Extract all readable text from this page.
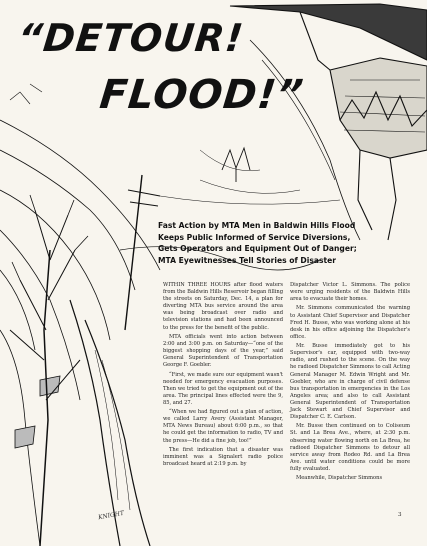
“DETOUR!
FLOOD!”
Fast Action by MTA Men in Baldwin Hills Flood
Keeps Public Informed of Service Diversions,
Gets Operators and Equipment Out of Danger;
MTA Eyewitnesses Tell Stories of Disaster

WITHIN THREE HOURS after flood waters from the Baldwin Hills Reservoir began filling the streets on Saturday, Dec. 14, a plan for diverting MTA bus service around the area was being broadcast over radio and television stations and had been announced to the press for the benefit of the public.

MTA officials went into action between 2:00 and 3:00 p.m. on Saturday—“one of the biggest shopping days of the year,” said General Superintendent of Transportation George F. Goebler.

“First, we made sure our equipment wasn't needed for emergency evacuation purposes. Then we tried to get the equipment out of the area. The principal lines effected were the 9, 85, and 27.

“When we had figured out a plan of action, we called Larry Avery (Assistant Manager, MTA News Bureau) about 6:00 p.m., so that he could get the information to radio, TV and the press—He did a fine job, too!”

The first indication that a disaster was imminent was a Signalert radio police broadcast heard at 2:19 p.m. by

Dispatcher Victor L. Simmons. The police were urging residents of the Baldwin Hills area to evacuate their homes.

Mr. Simmons communicated the warning to Assistant Chief Supervisor and Dispatcher Fred H. Busse, who was working alone at his desk in his office adjoining the Dispatcher's office.

Mr. Busse immediately got to his Supervisor's car, equipped with two-way radio, and rushed to the scene. On the way he radioed Dispatcher Simmons to call Acting General Manager M. Edwin Wright and Mr. Goebler, who are in charge of civil defense bus transportation in emergencies in the Los Angeles area; and also to call Assistant General Superintendent of Transportation Jack Stewart and Chief Supervisor and Dispatcher C. E. Carlson.

Mr. Busse then continued on to Coliseum St. and La Brea Ave., where, at 2:30 p.m. observing water flowing north on La Brea, he radioed Dispatcher Simmons to detour all service away from Rodeo Rd. and La Brea Ave. until water conditions could be more fully evaluated.

Meanwhile, Dispatcher Simmons

KNIGHT	3
